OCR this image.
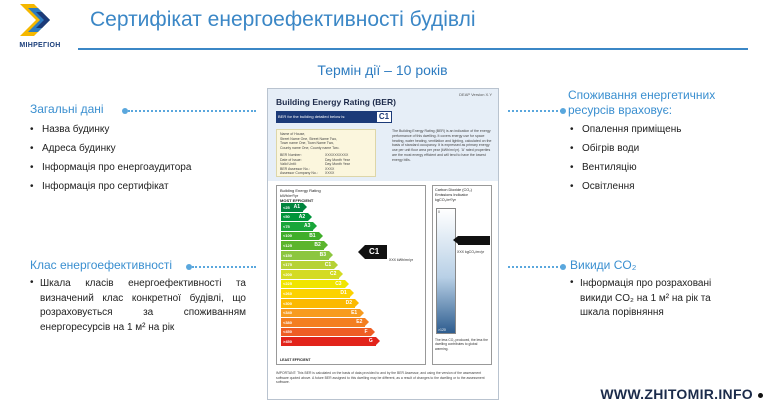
МІНРЕГІОН
Сертифікат енергоефективності будівлі
Термін дії – 10 років
Загальні дані
• Назва будинку
• Адреса будинку
• Інформація про енергоаудитора
• Інформація про сертифікат
Клас енергоефективності
• Шкала класів енергоефективності та визначений клас конкретної будівлі, що розраховується за споживанням енергоресурсів на 1 м² на рік
Споживання енергетичних ресурсів враховує:
• Опалення приміщень
• Обігрів води
• Вентиляцію
• Освітлення
Викиди CO₂
• Інформація про розраховані викиди CO₂ на 1 м² на рік та шкала порівняння
DEAP Version X.Y
Building Energy Rating (BER)
BER for the building detailed below is:	C1
Name of House,
Street Name One, Street Name Two,
Town name One, Town Name Two,
County name One, County name Two.
BER Number:	XXXXXXXXXX
Date of Issue:	Day Month Year
Valid Until:	Day Month Year
BER Assessor No.:	XXXX
Assessor Company No.: XXXX
The Building Energy Rating (BER) is an indication of the energy performance of this dwelling. It covers energy use for space heating, water heating, ventilation and lighting, calculated on the basis of standard occupancy. It is expressed as primary energy use per unit floor area per year (kWh/m²/yr). 'A' rated properties are the most energy efficient and will tend to have the lowest energy bills.
Building Energy Rating
kWh/m²/yr
MOST EFFICIENT
<25 A1
<50 A2
<75	A3
<100	B1
<125	B2
<150	B3
<175	C1
<200	C2
<225	C3
<260	D1
<300	D2
<340	E1
<380	E2
<450	F
>450	G
C1
XXX kWh/m²/yr
LEAST EFFICIENT
Carbon Dioxide (CO₂)
Emissions Indicator
kgCO₂/m²/yr
0
>120
XXX kgCO₂/m²/yr
The less CO₂ produced, the less the dwelling contributes to global warming.
IMPORTANT: This BER is calculated on the basis of data provided to and by the BER Assessor, and using the version of the assessment software quoted above. A future BER assigned to this dwelling may be different, as a result of changes to the dwelling or to the assessment software.
WWW.ZHITOMIR.INFO
